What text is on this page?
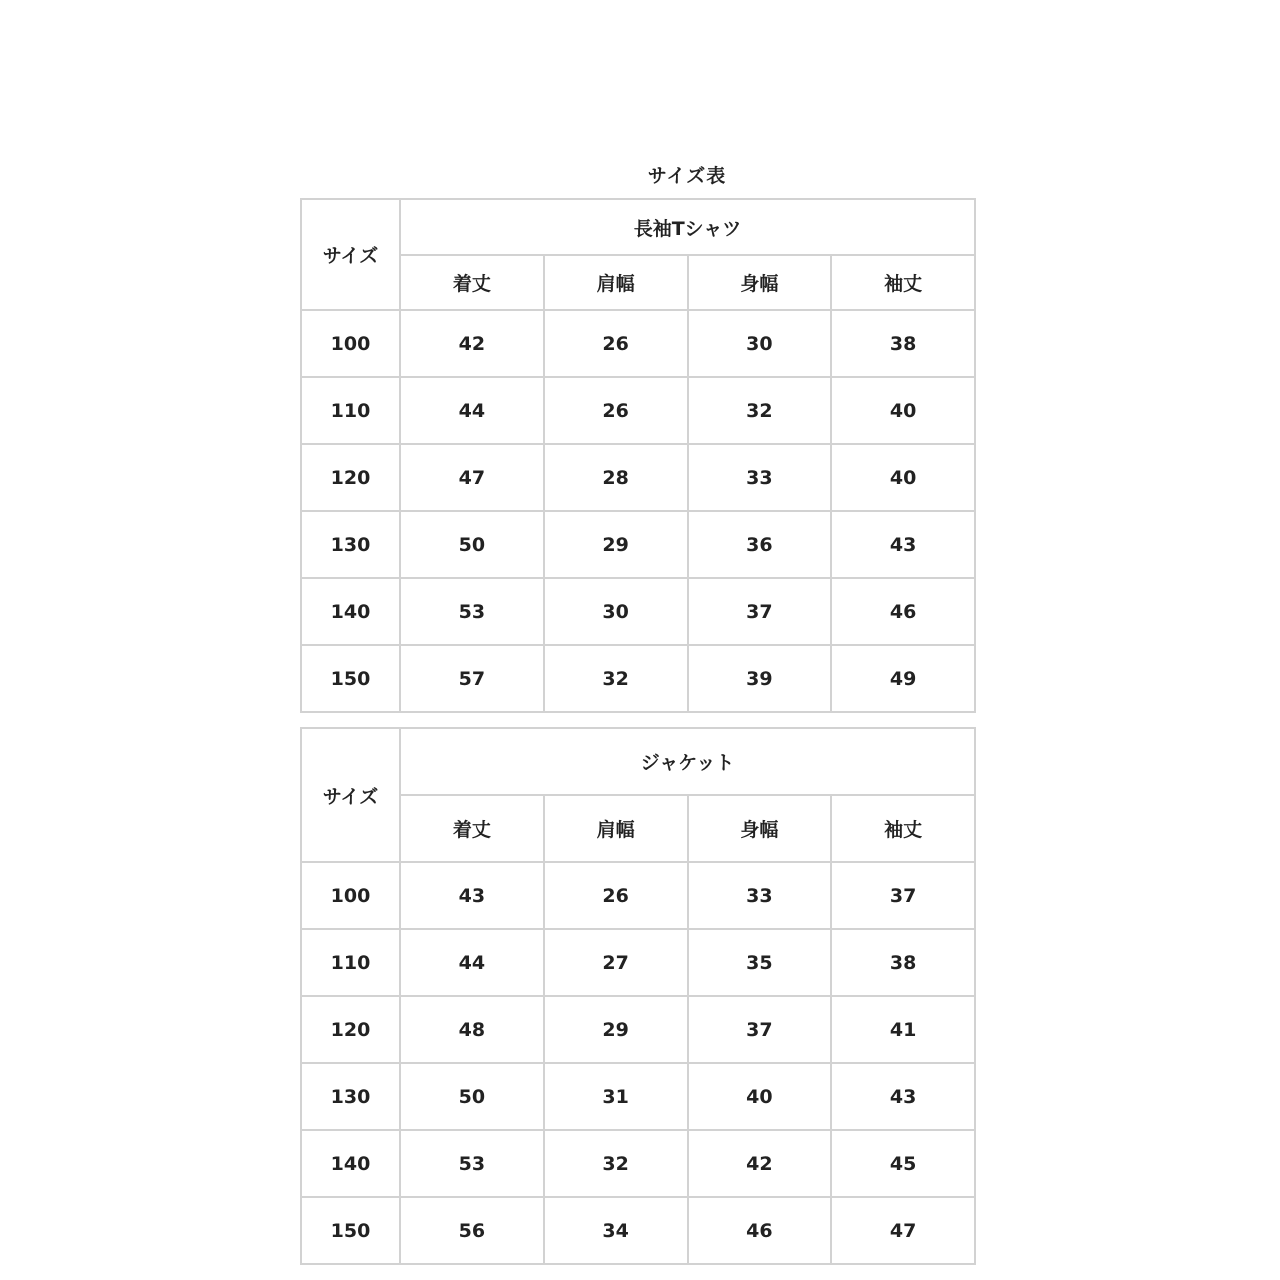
サイズ表
サイズ	長袖Tシャツ			
	着丈	肩幅	身幅	袖丈
100	42	26	30	38
110	44	26	32	40
120	47	28	33	40
130	50	29	36	43
140	53	30	37	46
150	57	32	39	49
サイズ	ジャケット			
	着丈	肩幅	身幅	袖丈
100	43	26	33	37
110	44	27	35	38
120	48	29	37	41
130	50	31	40	43
140	53	32	42	45
150	56	34	46	47
